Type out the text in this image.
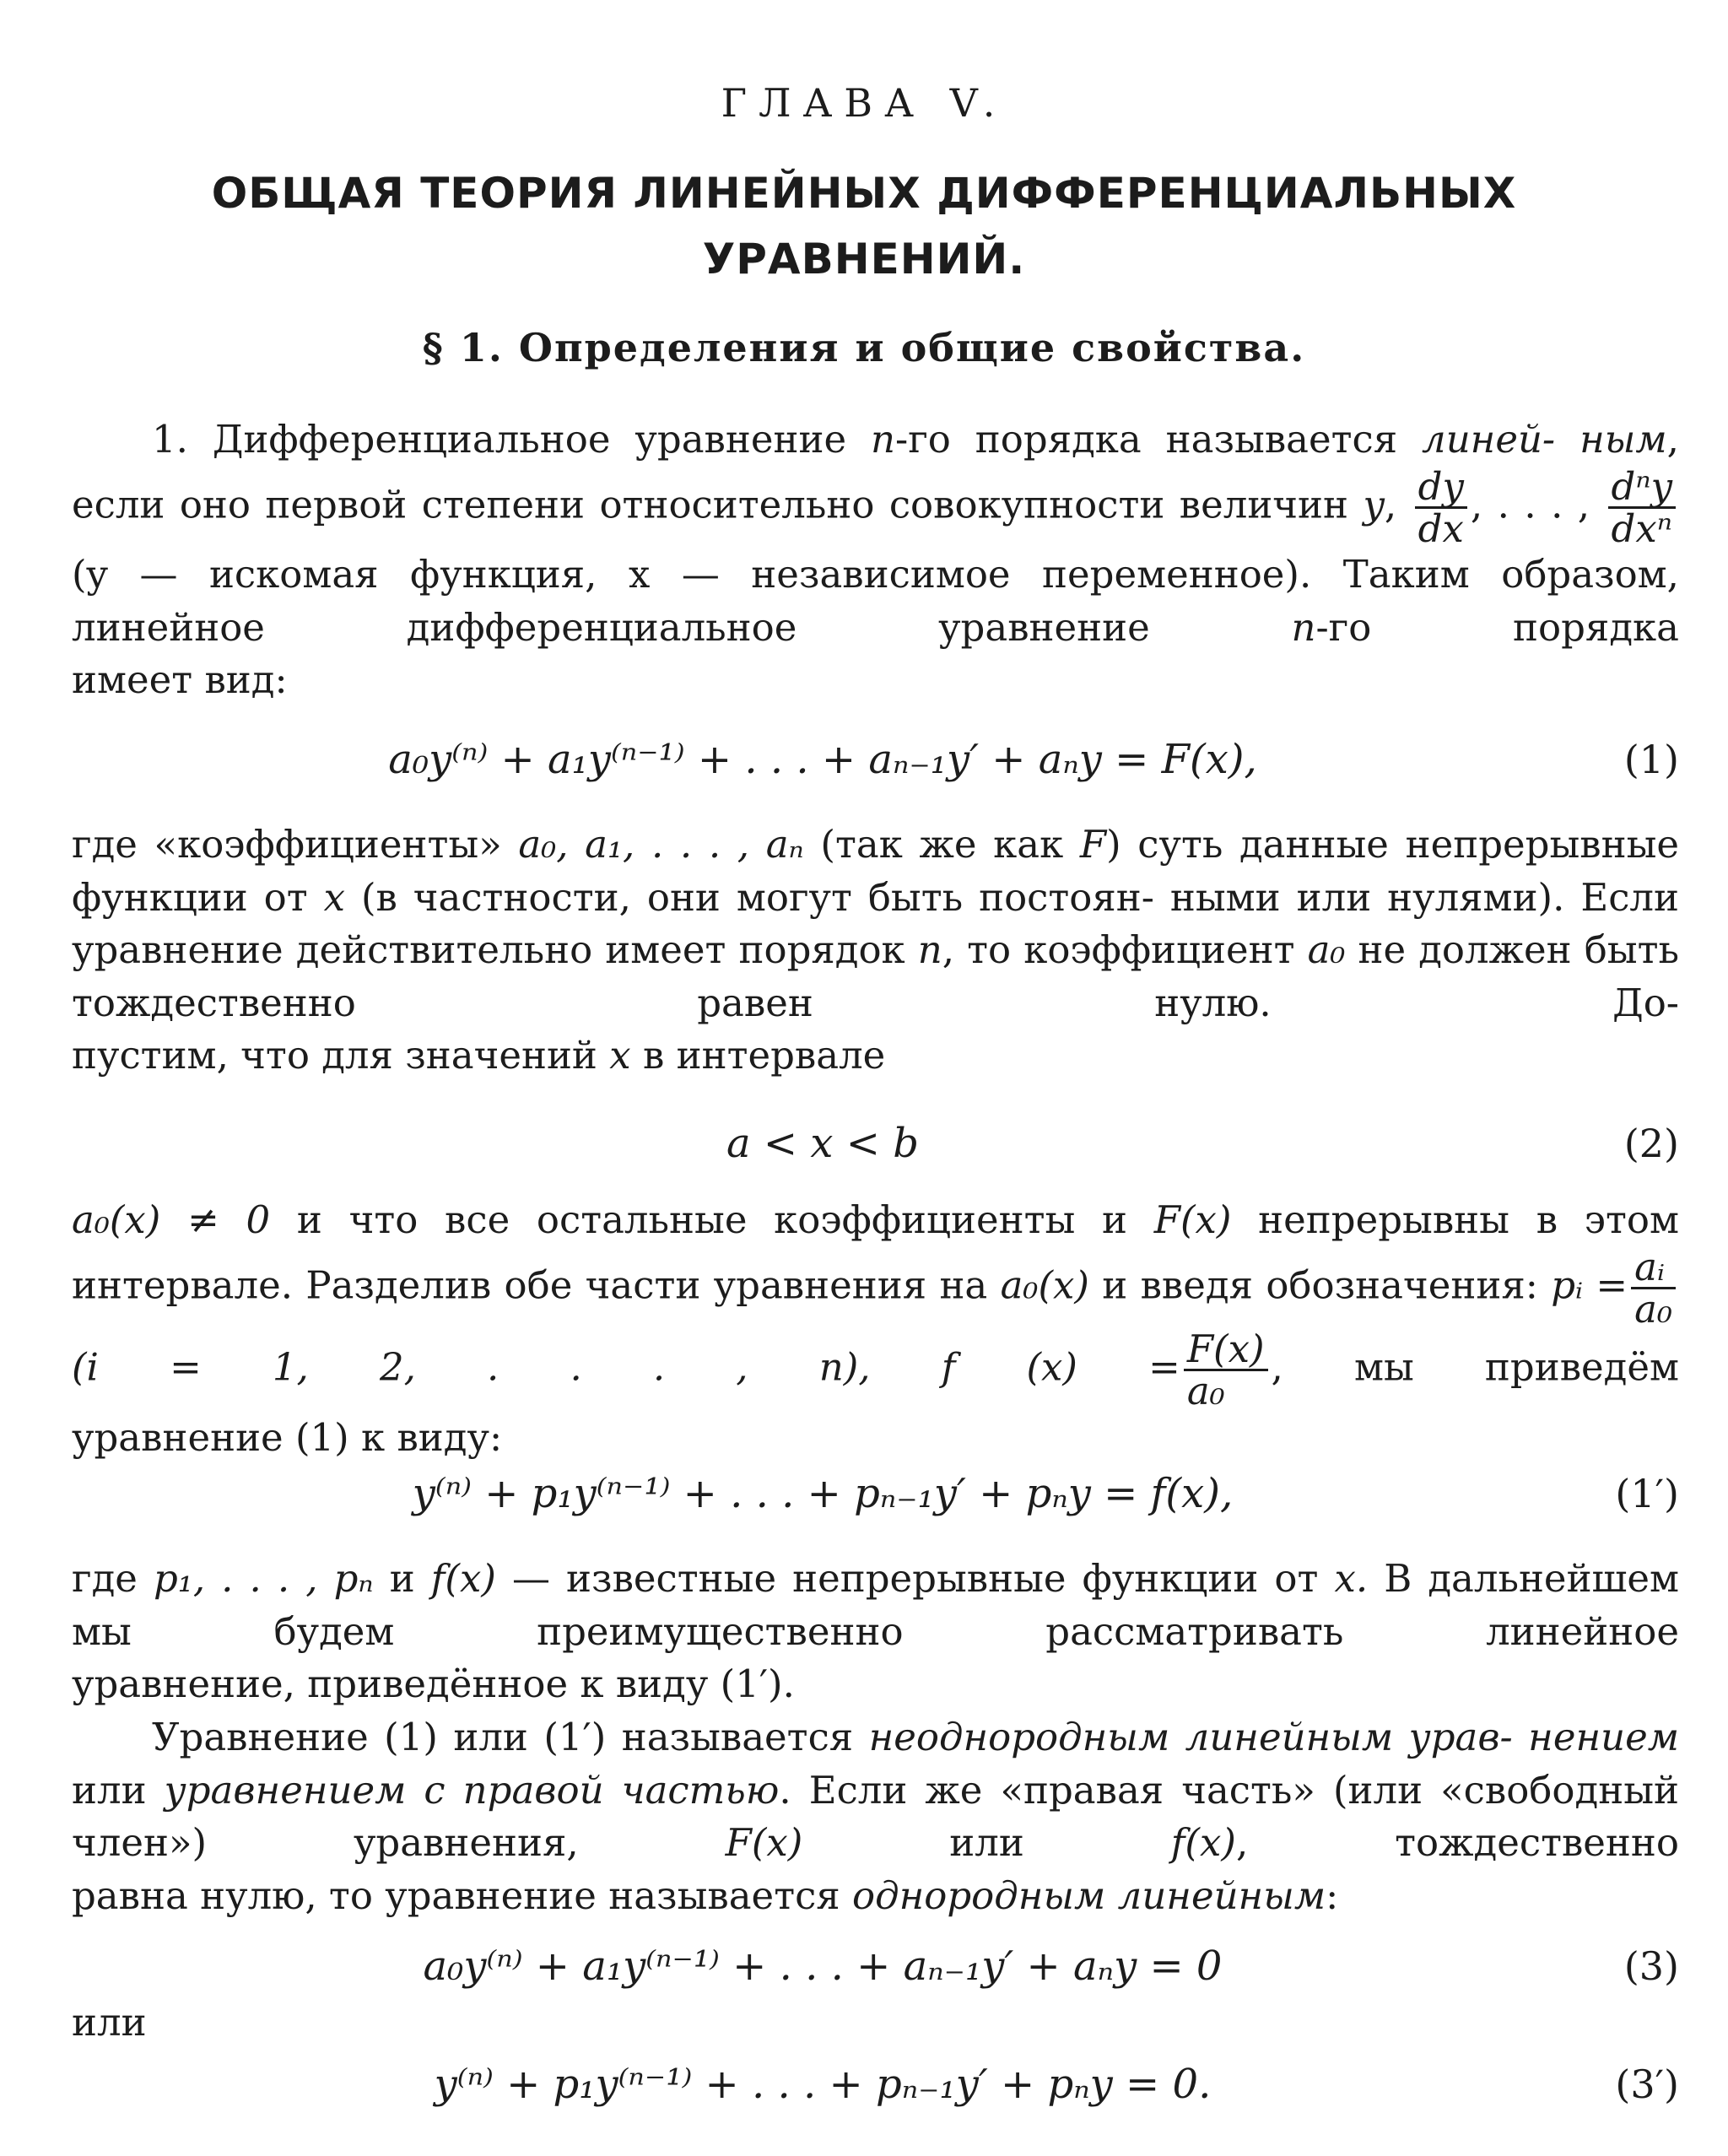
ГЛАВА V.
ОБЩАЯ ТЕОРИЯ ЛИНЕЙНЫХ ДИФФЕРЕНЦИАЛЬНЫХ
УРАВНЕНИЙ.
§ 1. Определения и общие свойства.
1. Дифференциальное уравнение n-го порядка называется линей- ным, если оно первой степени относительно совокупности величин y, $\frac{dy}{dx}$ , . . . , $\frac{\text{dⁿy}}{\text{dxⁿ}}$
(y — искомая функция, x — независимое переменное). Таким образом, линейное дифференциальное уравнение	n-го порядка
имеет вид:
a₀y⁽ⁿ⁾ + a₁y⁽ⁿ⁻¹⁾ + . . . + aₙ₋₁y′ + aₙy = F(x),	(1)
где «коэффициенты» a₀, a₁, . . . , aₙ (так же как F) суть данные непрерывные функции от x (в частности, они могут быть постоян- ными или нулями). Если уравнение действительно имеет порядок n, то коэффициент a₀ не должен быть тождественно равен нулю. До-
пустим, что для значений x в интервале
a < x < b	(2)
a₀(x) ≠ 0 и что все остальные коэффициенты и F(x) непрерывны в этом интервале. Разделив обе части уравнения на a₀(x) и введя обозначения: pᵢ = $\frac{\text{aᵢ}}{\text{a₀}}$
(i = 1, 2, . . . , n), f $(x) = \frac{F(x)}{\text{a₀}}$ , мы приведём
уравнение (1) к виду:
y⁽ⁿ⁾ + p₁y⁽ⁿ⁻¹⁾ + . . . + pₙ₋₁y′ + pₙy = f(x),	(1′)
где p₁, . . . , pₙ и f(x) — известные непрерывные функции от x. В дальнейшем мы будем преимущественно рассматривать линейное
уравнение, приведённое к виду (1′).
Уравнение (1) или (1′) называется неоднородным линейным урав- нением или уравнением с правой частью. Если же «правая часть» (или «свободный член») уравнения,	F(x)	или	f(x), тождественно
равна нулю, то уравнение называется однородным линейным:
a₀y⁽ⁿ⁾ + a₁y⁽ⁿ⁻¹⁾ + . . . + aₙ₋₁y′ + aₙy = 0	(3)
или
y⁽ⁿ⁾ + p₁y⁽ⁿ⁻¹⁾ + . . . + pₙ₋₁y′ + pₙy = 0.	(3′)
